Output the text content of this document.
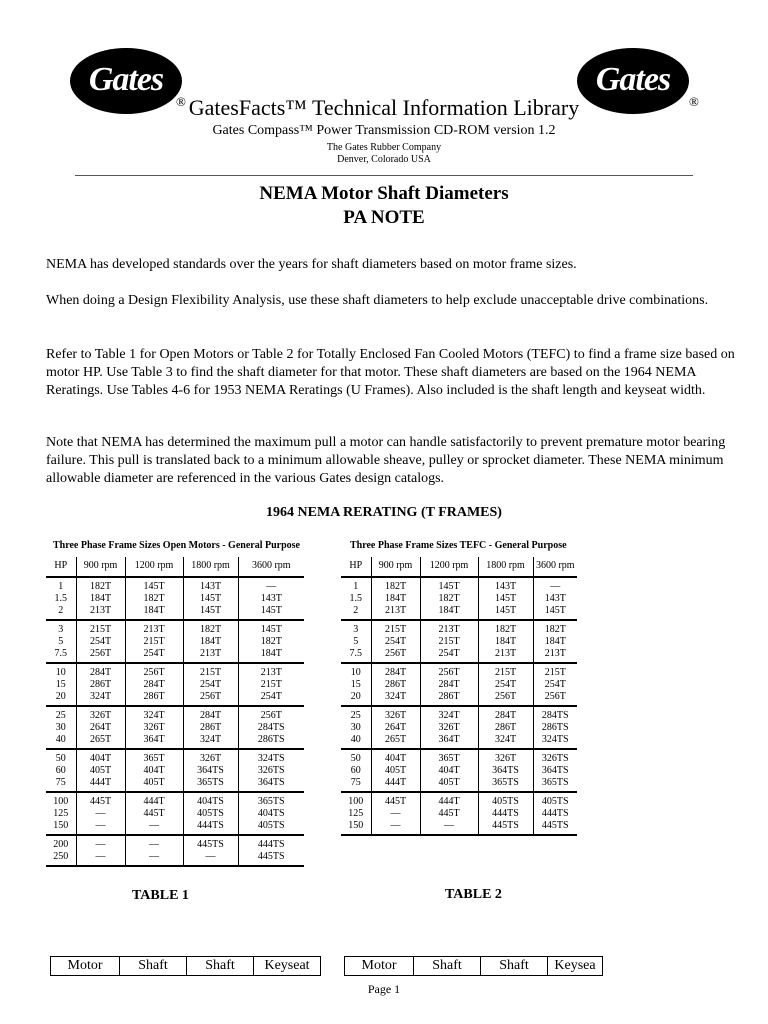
Gates
®
Gates
®
GatesFacts™ Technical Information Library
Gates Compass™ Power Transmission CD-ROM version 1.2
The Gates Rubber Company
Denver, Colorado USA
NEMA Motor Shaft Diameters
PA NOTE

NEMA has developed standards over the years for shaft diameters based on motor frame sizes.

When doing a Design Flexibility Analysis, use these shaft diameters to help exclude unacceptable drive combinations.

Refer to Table 1 for Open Motors or Table 2 for Totally Enclosed Fan Cooled Motors (TEFC) to find a frame size based on motor HP. Use Table 3 to find the shaft diameter for that motor. These shaft diameters are based on the 1964 NEMA Reratings. Use Tables 4-6 for 1953 NEMA Reratings (U Frames). Also included is the shaft length and keyseat width.

Note that NEMA has determined the maximum pull a motor can handle satisfactorily to prevent premature motor bearing failure. This pull is translated back to a minimum allowable sheave, pulley or sprocket diameter. These NEMA minimum allowable diameter are referenced in the various Gates design catalogs.

1964 NEMA RERATING (T FRAMES)
Three Phase Frame Sizes Open Motors - General Purpose	Three Phase Frame Sizes TEFC - General Purpose
HP	900 rpm	1200 rpm	1800 rpm	3600 rpm
1	182T	145T	143T	—
1.5	184T	182T	145T	143T
2	213T	184T	145T	145T
3	215T	213T	182T	145T
5	254T	215T	184T	182T
7.5	256T	254T	213T	184T
10	284T	256T	215T	213T
15	286T	284T	254T	215T
20	324T	286T	256T	254T
25	326T	324T	284T	256T
30	264T	326T	286T	284TS
40	265T	364T	324T	286TS
50	404T	365T	326T	324TS
60	405T	404T	364TS	326TS
75	444T	405T	365TS	364TS
100	445T	444T	404TS	365TS
125	—	445T	405TS	404TS
150	—	—	444TS	405TS
200	—	—	445TS	444TS
250	—	—	—	445TS
HP	900 rpm	1200 rpm	1800 rpm	3600 rpm
1	182T	145T	143T	—
1.5	184T	182T	145T	143T
2	213T	184T	145T	145T
3	215T	213T	182T	182T
5	254T	215T	184T	184T
7.5	256T	254T	213T	213T
10	284T	256T	215T	215T
15	286T	284T	254T	254T
20	324T	286T	256T	256T
25	326T	324T	284T	284TS
30	264T	326T	286T	286TS
40	265T	364T	324T	324TS
50	404T	365T	326T	326TS
60	405T	404T	364TS	364TS
75	444T	405T	365TS	365TS
100	445T	444T	405TS	405TS
125	—	445T	444TS	444TS
150	—	—	445TS	445TS
TABLE 1	TABLE 2
Motor	Shaft	Shaft	Keyseat	Motor	Shaft	Shaft	Keysea
Page 1
